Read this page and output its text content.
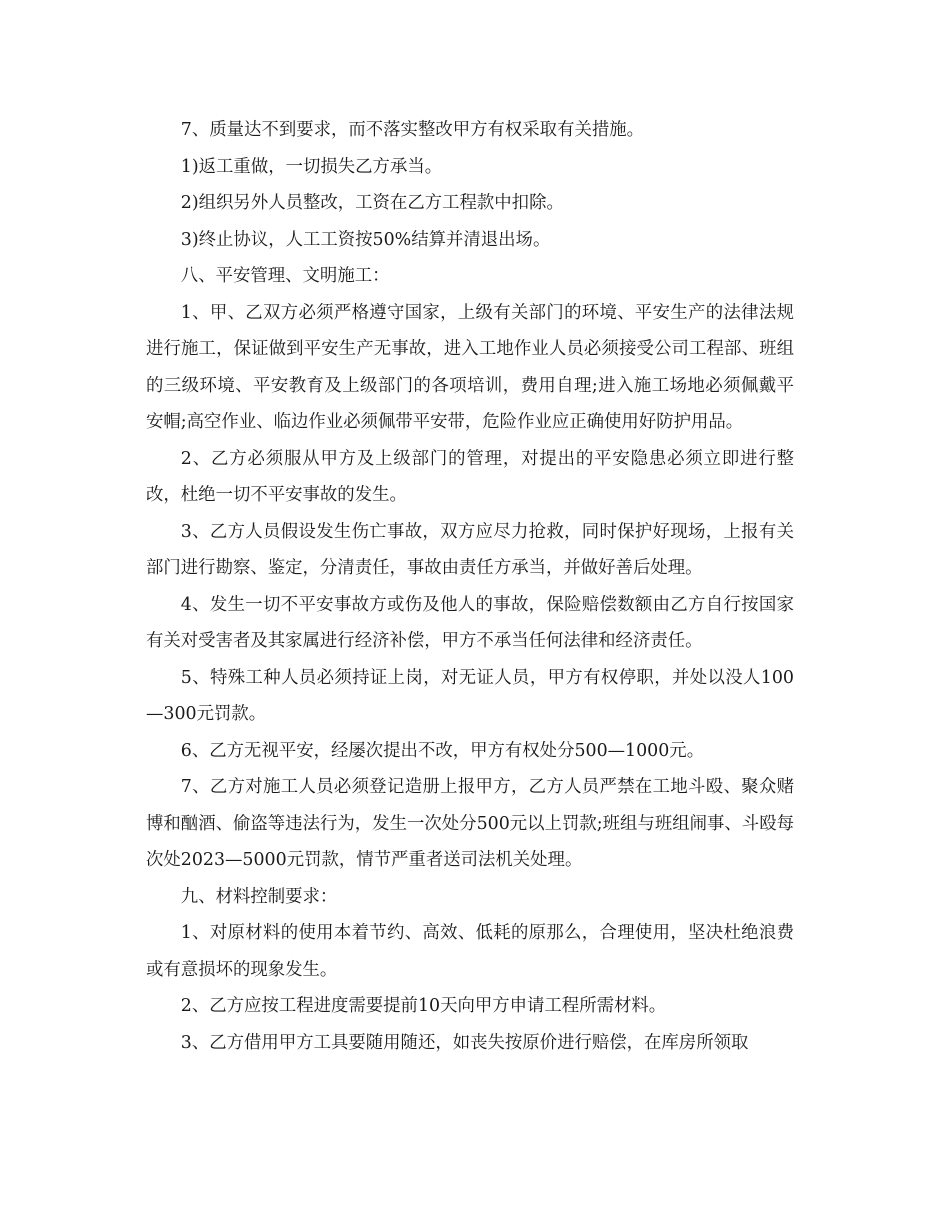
7、质量达不到要求，而不落实整改甲方有权采取有关措施。

1)返工重做，一切损失乙方承当。

2)组织另外人员整改，工资在乙方工程款中扣除。

3)终止协议，人工工资按50%结算并清退出场。

八、平安管理、文明施工：

1、甲、乙双方必须严格遵守国家，上级有关部门的环境、平安生产的法律法规进行施工，保证做到平安生产无事故，进入工地作业人员必须接受公司工程部、班组的三级环境、平安教育及上级部门的各项培训，费用自理;进入施工场地必须佩戴平安帽;高空作业、临边作业必须佩带平安带，危险作业应正确使用好防护用品。

2、乙方必须服从甲方及上级部门的管理，对提出的平安隐患必须立即进行整改，杜绝一切不平安事故的发生。

3、乙方人员假设发生伤亡事故，双方应尽力抢救，同时保护好现场，上报有关部门进行勘察、鉴定，分清责任，事故由责任方承当，并做好善后处理。

4、发生一切不平安事故方或伤及他人的事故，保险赔偿数额由乙方自行按国家有关对受害者及其家属进行经济补偿，甲方不承当任何法律和经济责任。

5、特殊工种人员必须持证上岗，对无证人员，甲方有权停职，并处以没人100—300元罚款。

6、乙方无视平安，经屡次提出不改，甲方有权处分500—1000元。

7、乙方对施工人员必须登记造册上报甲方，乙方人员严禁在工地斗殴、聚众赌博和酗酒、偷盗等违法行为，发生一次处分500元以上罚款;班组与班组闹事、斗殴每次处2023—5000元罚款，情节严重者送司法机关处理。

九、材料控制要求：

1、对原材料的使用本着节约、高效、低耗的原那么，合理使用，坚决杜绝浪费或有意损坏的现象发生。

2、乙方应按工程进度需要提前10天向甲方申请工程所需材料。

3、乙方借用甲方工具要随用随还，如丧失按原价进行赔偿，在库房所领取
